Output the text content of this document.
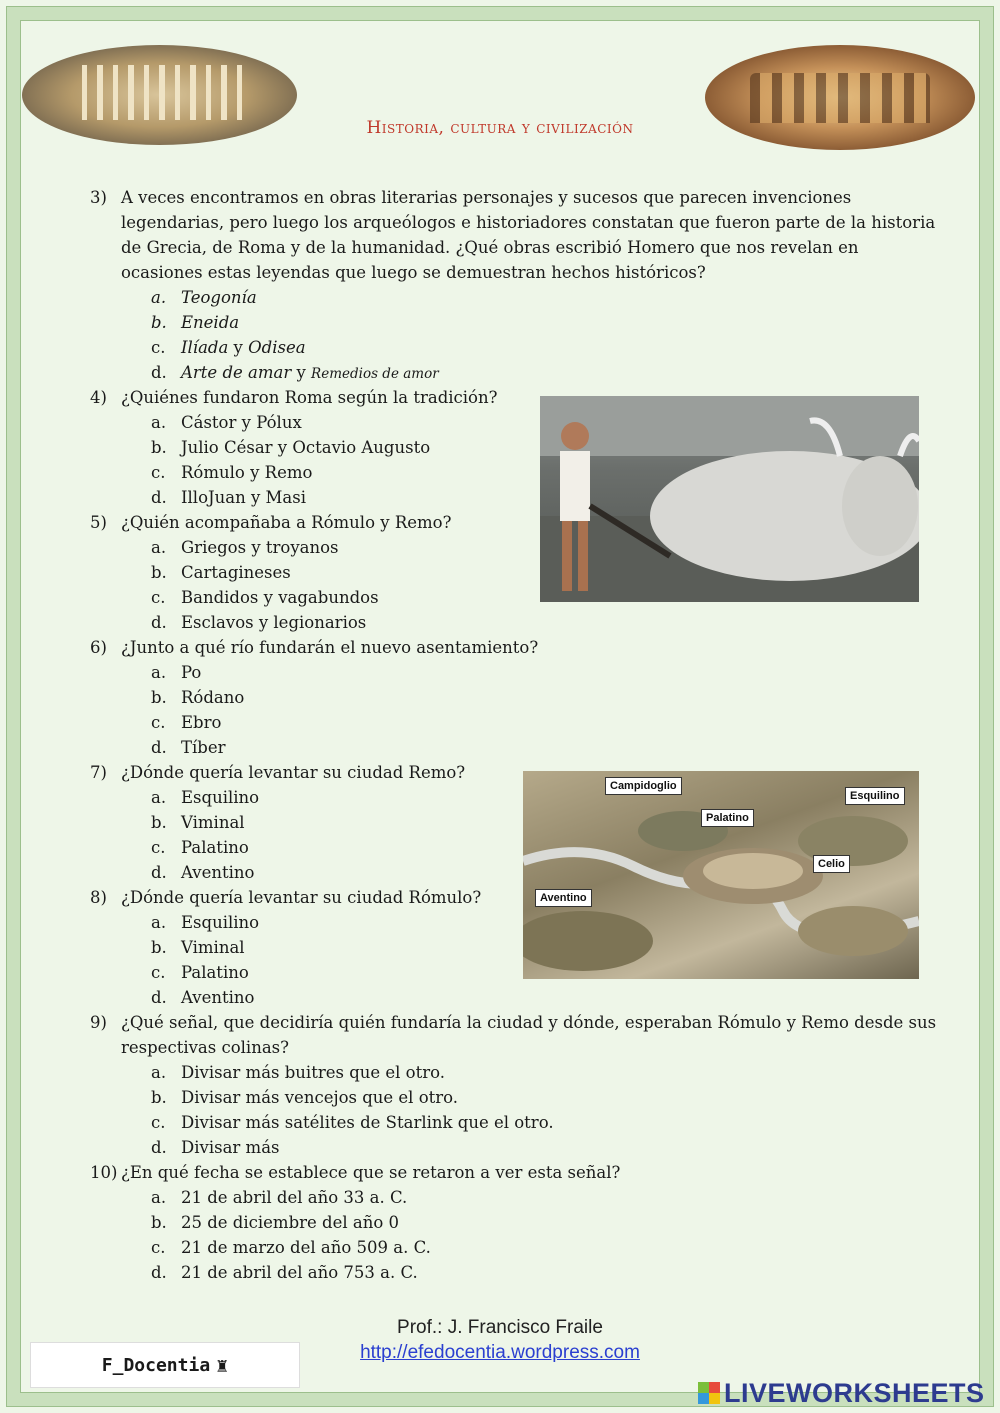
Historia, cultura y civilización
3) A veces encontramos en obras literarias personajes y sucesos que parecen invenciones legendarias, pero luego los arqueólogos e historiadores constatan que fueron parte de la historia de Grecia, de Roma y de la humanidad. ¿Qué obras escribió Homero que nos revelan en ocasiones estas leyendas que luego se demuestran hechos históricos?
a. Teogonía
b. Eneida
c. Ilíada y Odisea
d. Arte de amar y Remedios de amor
4) ¿Quiénes fundaron Roma según la tradición?
a. Cástor y Pólux
b. Julio César y Octavio Augusto
c. Rómulo y Remo
d. IlloJuan y Masi
5) ¿Quién acompañaba a Rómulo y Remo?
a. Griegos y troyanos
b. Cartagineses
c. Bandidos y vagabundos
d. Esclavos y legionarios
6) ¿Junto a qué río fundarán el nuevo asentamiento?
a. Po
b. Ródano
c. Ebro
d. Tíber
7) ¿Dónde quería levantar su ciudad Remo?
a. Esquilino
b. Viminal
c. Palatino
d. Aventino
Campidoglio
Palatino
Esquilino
Celio
Aventino
8) ¿Dónde quería levantar su ciudad Rómulo?
a. Esquilino
b. Viminal
c. Palatino
d. Aventino
9) ¿Qué señal, que decidiría quién fundaría la ciudad y dónde, esperaban Rómulo y Remo desde sus respectivas colinas?
a. Divisar más buitres que el otro.
b. Divisar más vencejos que el otro.
c. Divisar más satélites de Starlink que el otro.
d. Divisar más
10) ¿En qué fecha se establece que se retaron a ver esta señal?
a. 21 de abril del año 33 a. C.
b. 25 de diciembre del año 0
c. 21 de marzo del año 509 a. C.
d. 21 de abril del año 753 a. C.
Prof.: J. Francisco Fraile
http://efedocentia.wordpress.com
F_Docentia ♜
LIVEWORKSHEETS
